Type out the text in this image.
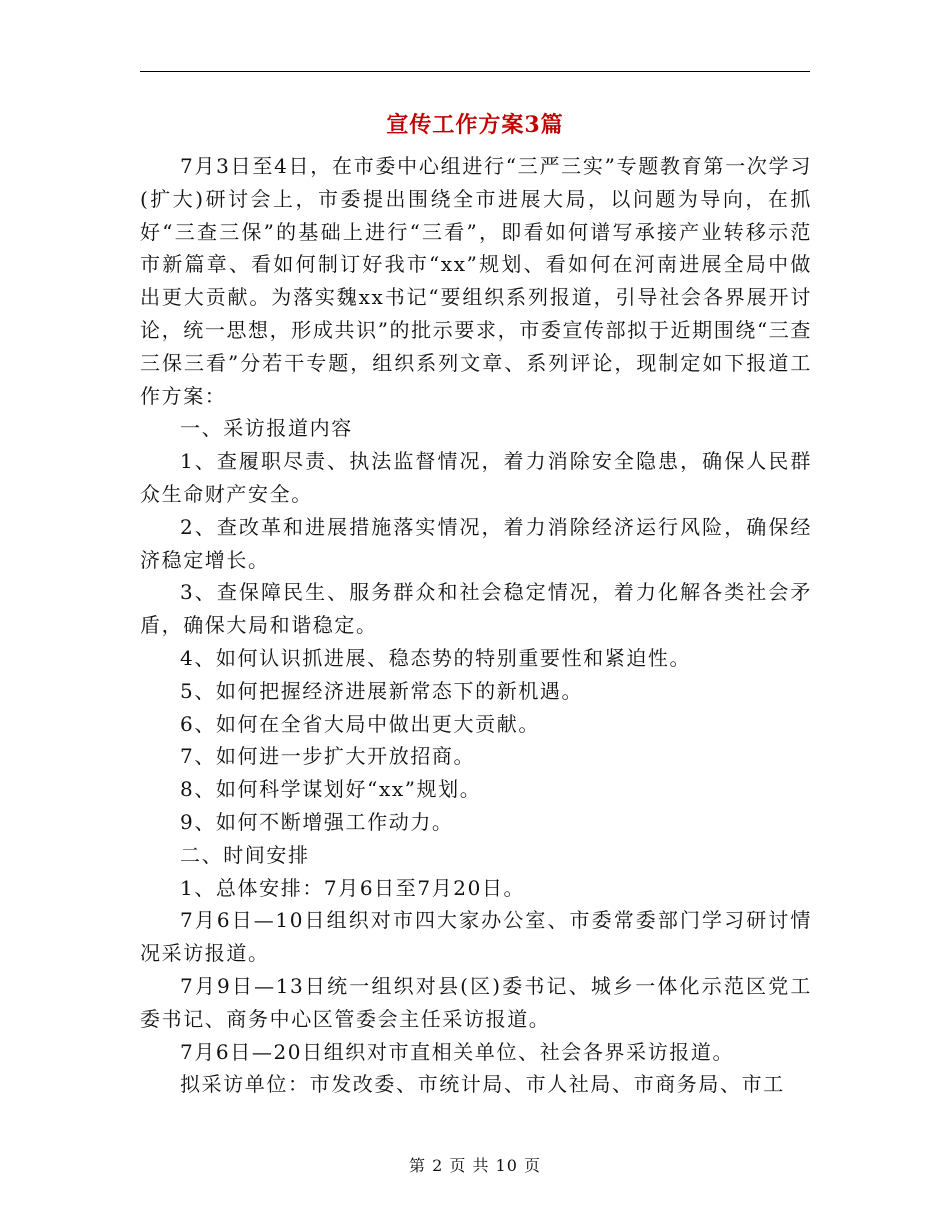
宣传工作方案3篇

7月3日至4日，在市委中心组进行“三严三实”专题教育第一次学习(扩大)研讨会上，市委提出围绕全市进展大局，以问题为导向，在抓好“三查三保”的基础上进行“三看”，即看如何谱写承接产业转移示范市新篇章、看如何制订好我市“xx”规划、看如何在河南进展全局中做出更大贡献。为落实魏xx书记“要组织系列报道，引导社会各界展开讨论，统一思想，形成共识”的批示要求，市委宣传部拟于近期围绕“三查三保三看”分若干专题，组织系列文章、系列评论，现制定如下报道工作方案：

一、采访报道内容

1、查履职尽责、执法监督情况，着力消除安全隐患，确保人民群众生命财产安全。

2、查改革和进展措施落实情况，着力消除经济运行风险，确保经济稳定增长。

3、查保障民生、服务群众和社会稳定情况，着力化解各类社会矛盾，确保大局和谐稳定。

4、如何认识抓进展、稳态势的特别重要性和紧迫性。

5、如何把握经济进展新常态下的新机遇。

6、如何在全省大局中做出更大贡献。

7、如何进一步扩大开放招商。

8、如何科学谋划好“xx”规划。

9、如何不断增强工作动力。

二、时间安排

1、总体安排：7月6日至7月20日。

7月6日—10日组织对市四大家办公室、市委常委部门学习研讨情况采访报道。

7月9日—13日统一组织对县(区)委书记、城乡一体化示范区党工委书记、商务中心区管委会主任采访报道。

7月6日—20日组织对市直相关单位、社会各界采访报道。

拟采访单位：市发改委、市统计局、市人社局、市商务局、市工

第 2 页 共 10 页
